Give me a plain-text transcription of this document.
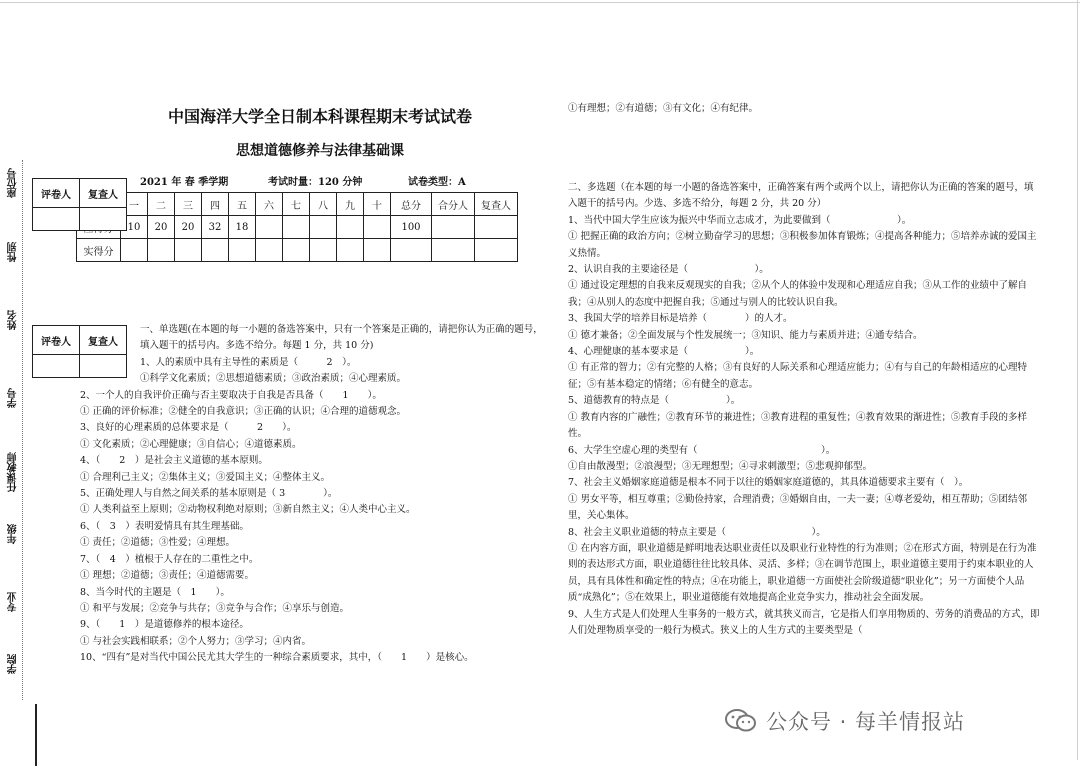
座位号
性别
姓名
学号
任课教师
年级
专业
学院
中国海洋大学全日制本科课程期末考试试卷
思想道德修养与法律基础课
2021 年 春 季学期	考试时量：120 分钟	试卷类型：A
	一	二	三	四	五	六	七	八	九	十	总分	合分人	复查人
	10	20	20	32	18						100		
实得分													
评卷人	复查人

评卷人	复查人

一、单选题(在本题的每一小题的备选答案中，只有一个答案是正确的，请把你认为正确的题号，填入题干的括号内。多选不给分。每题 1 分，共 10 分)

1、人的素质中具有主导性的素质是（　　　2　）。

①科学文化素质；②思想道德素质；③政治素质；④心理素质。

2、一个人的自我评价正确与否主要取决于自我是否具备（　　1　　）。

① 正确的评价标准；②健全的自我意识；③正确的认识；④合理的道德观念。

3、良好的心理素质的总体要求是（　　　2　　）。

① 文化素质；②心理健康；③自信心；④道德素质。

4、（　　2　）是社会主义道德的基本原则。

① 合理利己主义；②集体主义；③爱国主义；④整体主义。

5、正确处理人与自然之间关系的基本原则是（ 3　　　　）。

① 人类利益至上原则；②动物权利绝对原则；③新自然主义；④人类中心主义。

6、（　3　）表明爱情具有其生理基础。

① 责任；②道德；③性爱；④理想。

7、（　4　）植根于人存在的二重性之中。

① 理想；②道德；③责任；④道德需要。

8、当今时代的主题是（　1　　）。

① 和平与发展；②竞争与共存；③竞争与合作；④享乐与创造。

9、（　　1　）是道德修养的根本途径。

① 与社会实践相联系；②个人努力；③学习；④内省。

10、“四有”是对当代中国公民尤其大学生的一种综合素质要求，其中，（　　1　　）是核心。

①有理想；②有道德；③有文化；④有纪律。

二、多选题（在本题的每一小题的备选答案中，正确答案有两个或两个以上，请把你认为正确的答案的题号，填入题干的括号内。少选、多选不给分，每题 2 分，共 20 分）

1、当代中国大学生应该为振兴中华而立志成才，为此要做到（　　　　　　　）。

① 把握正确的政治方向；②树立勤奋学习的思想；③积极参加体育锻炼；④提高各种能力；⑤培养赤诚的爱国主义热情。

2、认识自我的主要途径是（　　　　　　　）。

① 通过设定理想的自我来反观现实的自我；②从个人的体验中发现和心理适应自我；③从工作的业绩中了解自我；④从别人的态度中把握自我；⑤通过与别人的比较认识自我。

3、我国大学的培养目标是培养（　　　　）的人才。

① 德才兼备；②全面发展与个性发展统一；③知识、能力与素质并进；④通专结合。

4、心理健康的基本要求是（　　　　　　）。

① 有正常的智力；②有完整的人格；③有良好的人际关系和心理适应能力；④有与自己的年龄相适应的心理特征；⑤有基本稳定的情绪；⑥有健全的意志。

5、道德教育的特点是（　　　　　　）。

① 教育内容的广融性；②教育环节的兼进性；③教育进程的重复性；④教育效果的渐进性；⑤教育手段的多样性。

6、大学生空虚心理的类型有（　　　　　　　　　　　　　）。

①自由散漫型；②浪漫型；③无理想型；④寻求刺激型；⑤悲观抑郁型。

7、社会主义婚姻家庭道德是根本不同于以往的婚姻家庭道德的，其具体道德要求主要有（　）。

① 男女平等，相互尊重；②勤俭持家，合理消费；③婚姻自由，一夫一妻；④尊老爱幼，相互帮助；⑤团结邻里，关心集体。

8、社会主义职业道德的特点主要是（　　　　　　　　　）。

① 在内容方面，职业道德是鲜明地表达职业责任以及职业行业特性的行为准则；②在形式方面，特别是在行为准则的表达形式方面，职业道德往往比较具体、灵活、多样；③在调节范围上，职业道德主要用于约束本职业的人员，具有具体性和确定性的特点；④在功能上，职业道德一方面使社会阶级道德“职业化”；另一方面使个人品质“成熟化”；⑤在效果上，职业道德能有效地提高企业竞争实力，推动社会全面发展。

9、人生方式是人们处理人生事务的一般方式，就其狭义而言，它是指人们享用物质的、劳务的消费品的方式，即人们处理物质享受的一般行为模式。狭义上的人生方式的主要类型是（

公众号 · 每羊情报站
